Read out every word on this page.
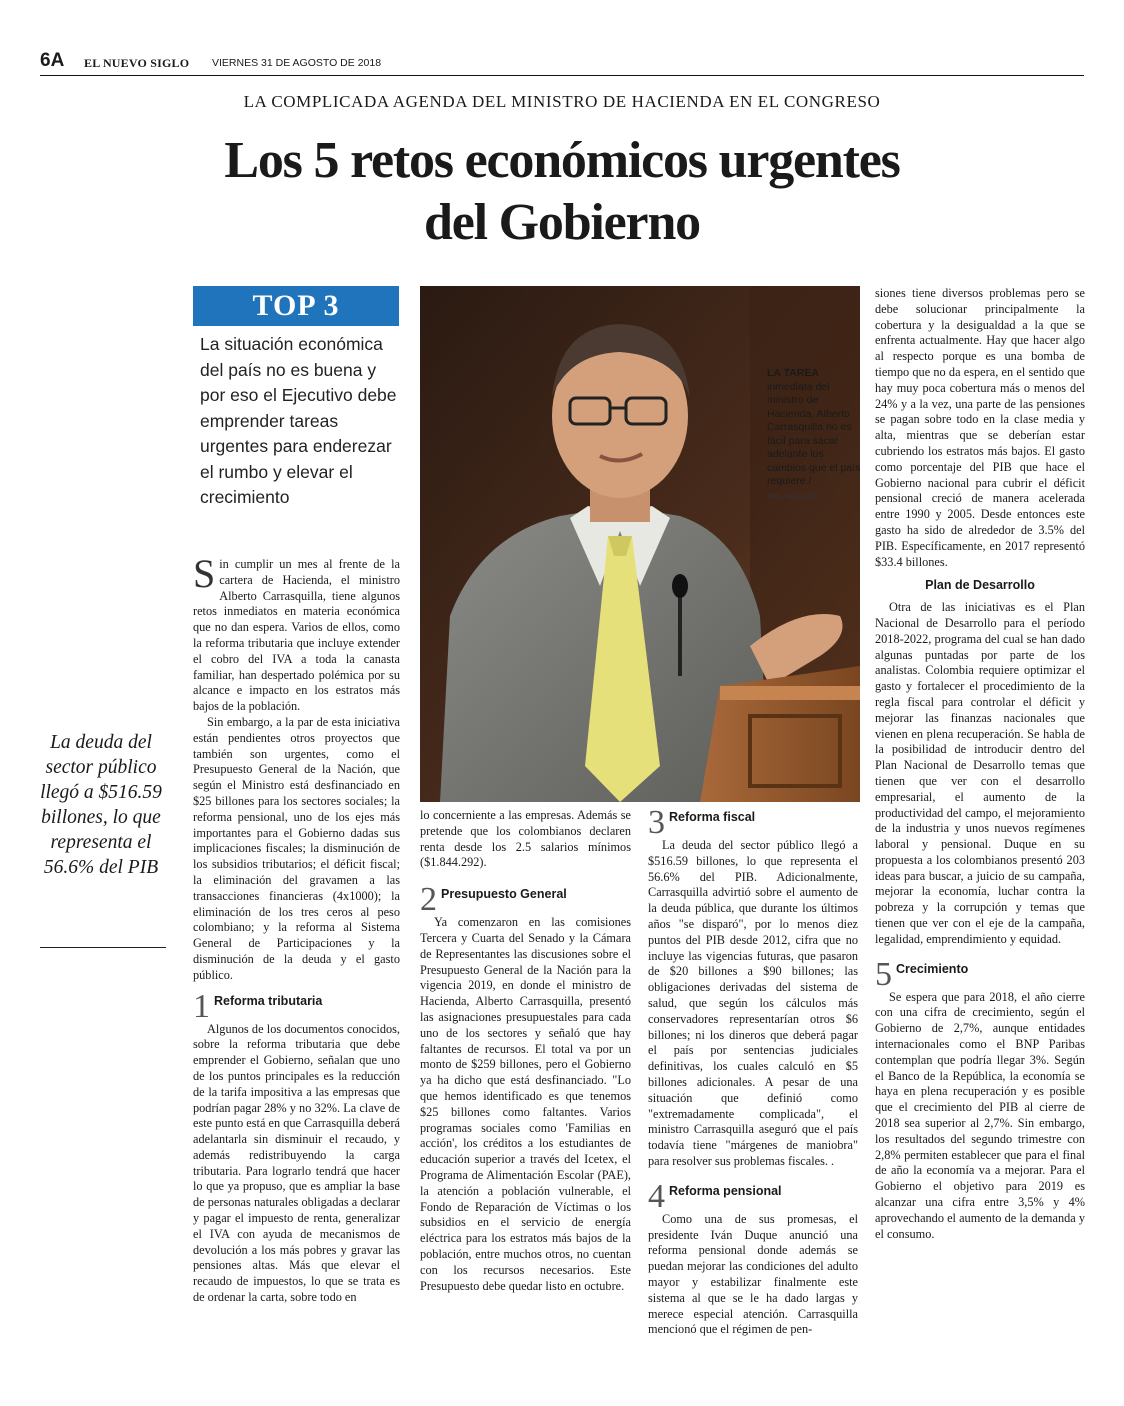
6A EL NUEVO SIGLO VIERNES 31 DE AGOSTO DE 2018
LA COMPLICADA AGENDA DEL MINISTRO DE HACIENDA EN EL CONGRESO
Los 5 retos económicos urgentes
del Gobierno
TOP 3
La situación económica del país no es buena y por eso el Ejecutivo debe emprender tareas urgentes para enderezar el rumbo y elevar el crecimiento
La deuda del sector público llegó a $516.59 billones, lo que representa el 56.6% del PIB

Sin cumplir un mes al frente de la cartera de Hacienda, el ministro Alberto Carrasquilla, tiene algunos retos inmediatos en materia económica que no dan espera. Varios de ellos, como la reforma tributaria que incluye extender el cobro del IVA a toda la canasta familiar, han despertado polémica por su alcance e impacto en los estratos más bajos de la población.

Sin embargo, a la par de esta iniciativa están pendientes otros proyectos que también son urgentes, como el Presupuesto General de la Nación, que según el Ministro está desfinanciado en $25 billones para los sectores sociales; la reforma pensional, uno de los ejes más importantes para el Gobierno dadas sus implicaciones fiscales; la disminución de los subsidios tributarios; el déficit fiscal; la eliminación del gravamen a las transacciones financieras (4x1000); la eliminación de los tres ceros al peso colombiano; y la reforma al Sistema General de Participaciones y la disminución de la deuda y el gasto público.

1 Reforma tributaria

Algunos de los documentos conocidos, sobre la reforma tributaria que debe emprender el Gobierno, señalan que uno de los puntos principales es la reducción de la tarifa impositiva a las empresas que podrían pagar 28% y no 32%. La clave de este punto está en que Carrasquilla deberá adelantarla sin disminuir el recaudo, y además redistribuyendo la carga tributaria. Para lograrlo tendrá que hacer lo que ya propuso, que es ampliar la base de personas naturales obligadas a declarar y pagar el impuesto de renta, generalizar el IVA con ayuda de mecanismos de devolución a los más pobres y gravar las pensiones altas. Más que elevar el recaudo de impuestos, lo que se trata es de ordenar la carta, sobre todo en

LA TAREA
inmediata del ministro de Hacienda, Alberto Carrasquilla no es fácil para sacar adelante los cambios que el país requiere./
Min Hacienda

lo concerniente a las empresas. Además se pretende que los colombianos declaren renta desde los 2.5 salarios mínimos ($1.844.292).

2 Presupuesto General

Ya comenzaron en las comisiones Tercera y Cuarta del Senado y la Cámara de Representantes las discusiones sobre el Presupuesto General de la Nación para la vigencia 2019, en donde el ministro de Hacienda, Alberto Carrasquilla, presentó las asignaciones presupuestales para cada uno de los sectores y señaló que hay faltantes de recursos. El total va por un monto de $259 billones, pero el Gobierno ya ha dicho que está desfinanciado. "Lo que hemos identificado es que tenemos $25 billones como faltantes. Varios programas sociales como 'Familias en acción', los créditos a los estudiantes de educación superior a través del Icetex, el Programa de Alimentación Escolar (PAE), la atención a población vulnerable, el Fondo de Reparación de Víctimas o los subsidios en el servicio de energía eléctrica para los estratos más bajos de la población, entre muchos otros, no cuentan con los recursos necesarios. Este Presupuesto debe quedar listo en octubre.

3 Reforma fiscal

La deuda del sector público llegó a $516.59 billones, lo que representa el 56.6% del PIB. Adicionalmente, Carrasquilla advirtió sobre el aumento de la deuda pública, que durante los últimos años "se disparó", por lo menos diez puntos del PIB desde 2012, cifra que no incluye las vigencias futuras, que pasaron de $20 billones a $90 billones; las obligaciones derivadas del sistema de salud, que según los cálculos más conservadores representarían otros $6 billones; ni los dineros que deberá pagar el país por sentencias judiciales definitivas, los cuales calculó en $5 billones adicionales. A pesar de una situación que definió como "extremadamente complicada", el ministro Carrasquilla aseguró que el país todavía tiene "márgenes de maniobra" para resolver sus problemas fiscales. .

4 Reforma pensional

Como una de sus promesas, el presidente Iván Duque anunció una reforma pensional donde además se puedan mejorar las condiciones del adulto mayor y estabilizar finalmente este sistema al que se le ha dado largas y merece especial atención. Carrasquilla mencionó que el régimen de pen-

siones tiene diversos problemas pero se debe solucionar principalmente la cobertura y la desigualdad a la que se enfrenta actualmente. Hay que hacer algo al respecto porque es una bomba de tiempo que no da espera, en el sentido que hay muy poca cobertura más o menos del 24% y a la vez, una parte de las pensiones se pagan sobre todo en la clase media y alta, mientras que se deberían estar cubriendo los estratos más bajos. El gasto como porcentaje del PIB que hace el Gobierno nacional para cubrir el déficit pensional creció de manera acelerada entre 1990 y 2005. Desde entonces este gasto ha sido de alrededor de 3.5% del PIB. Específicamente, en 2017 representó $33.4 billones.

Plan de Desarrollo

Otra de las iniciativas es el Plan Nacional de Desarrollo para el período 2018-2022, programa del cual se han dado algunas puntadas por parte de los analistas. Colombia requiere optimizar el gasto y fortalecer el procedimiento de la regla fiscal para controlar el déficit y mejorar las finanzas nacionales que vienen en plena recuperación. Se habla de la posibilidad de introducir dentro del Plan Nacional de Desarrollo temas que tienen que ver con el desarrollo empresarial, el aumento de la productividad del campo, el mejoramiento de la industria y unos nuevos regímenes laboral y pensional. Duque en su propuesta a los colombianos presentó 203 ideas para buscar, a juicio de su campaña, mejorar la economía, luchar contra la pobreza y la corrupción y temas que tienen que ver con el eje de la campaña, legalidad, emprendimiento y equidad.

5 Crecimiento

Se espera que para 2018, el año cierre con una cifra de crecimiento, según el Gobierno de 2,7%, aunque entidades internacionales como el BNP Paribas contemplan que podría llegar 3%. Según el Banco de la República, la economía se haya en plena recuperación y es posible que el crecimiento del PIB al cierre de 2018 sea superior al 2,7%. Sin embargo, los resultados del segundo trimestre con 2,8% permiten establecer que para el final de año la economía va a mejorar. Para el Gobierno el objetivo para 2019 es alcanzar una cifra entre 3,5% y 4% aprovechando el aumento de la demanda y el consumo.
